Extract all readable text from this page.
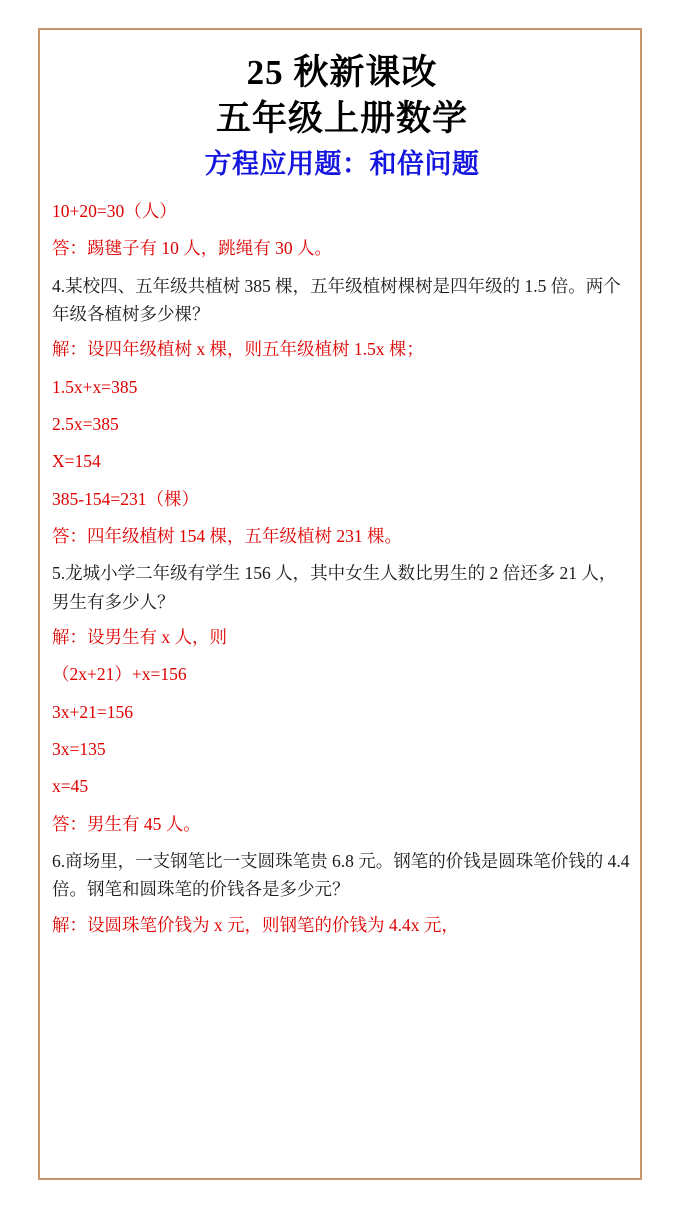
25 秋新课改
五年级上册数学
方程应用题：和倍问题
10+20=30（人）
答：踢毽子有 10 人，跳绳有 30 人。
4.某校四、五年级共植树 385 棵，五年级植树棵树是四年级的 1.5 倍。两个年级各植树多少棵？
解：设四年级植树 x 棵，则五年级植树 1.5x 棵；
1.5x+x=385
2.5x=385
X=154
385-154=231（棵）
答：四年级植树 154 棵，五年级植树 231 棵。
5.龙城小学二年级有学生 156 人，其中女生人数比男生的 2 倍还多 21 人，男生有多少人？
解：设男生有 x 人，则
（2x+21）+x=156
3x+21=156
3x=135
x=45
答：男生有 45 人。
6.商场里，一支钢笔比一支圆珠笔贵 6.8 元。钢笔的价钱是圆珠笔价钱的 4.4 倍。钢笔和圆珠笔的价钱各是多少元？
解：设圆珠笔价钱为 x 元，则钢笔的价钱为 4.4x 元，
